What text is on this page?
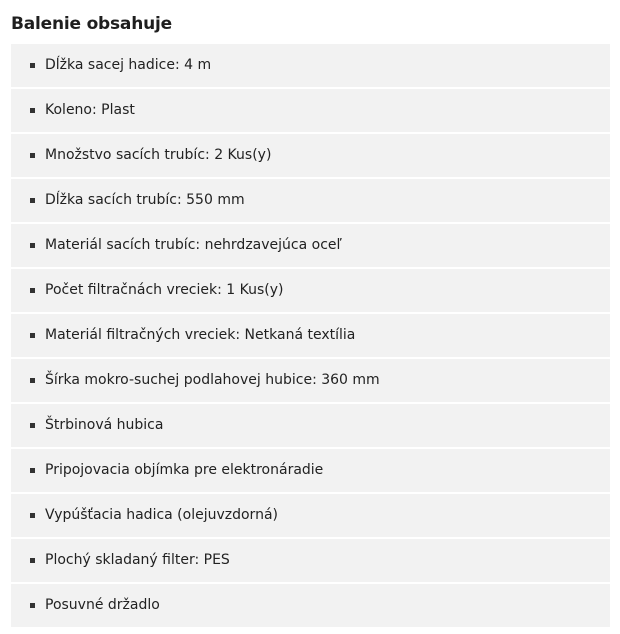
Balenie obsahuje
Dĺžka sacej hadice: 4 m
Koleno: Plast
Množstvo sacích trubíc: 2 Kus(y)
Dĺžka sacích trubíc: 550 mm
Materiál sacích trubíc: nehrdzavejúca oceľ
Počet filtračnách vreciek: 1 Kus(y)
Materiál filtračných vreciek: Netkaná textília
Šírka mokro-suchej podlahovej hubice: 360 mm
Štrbinová hubica
Pripojovacia objímka pre elektronáradie
Vypúšťacia hadica (olejuvzdorná)
Plochý skladaný filter: PES
Posuvné držadlo
